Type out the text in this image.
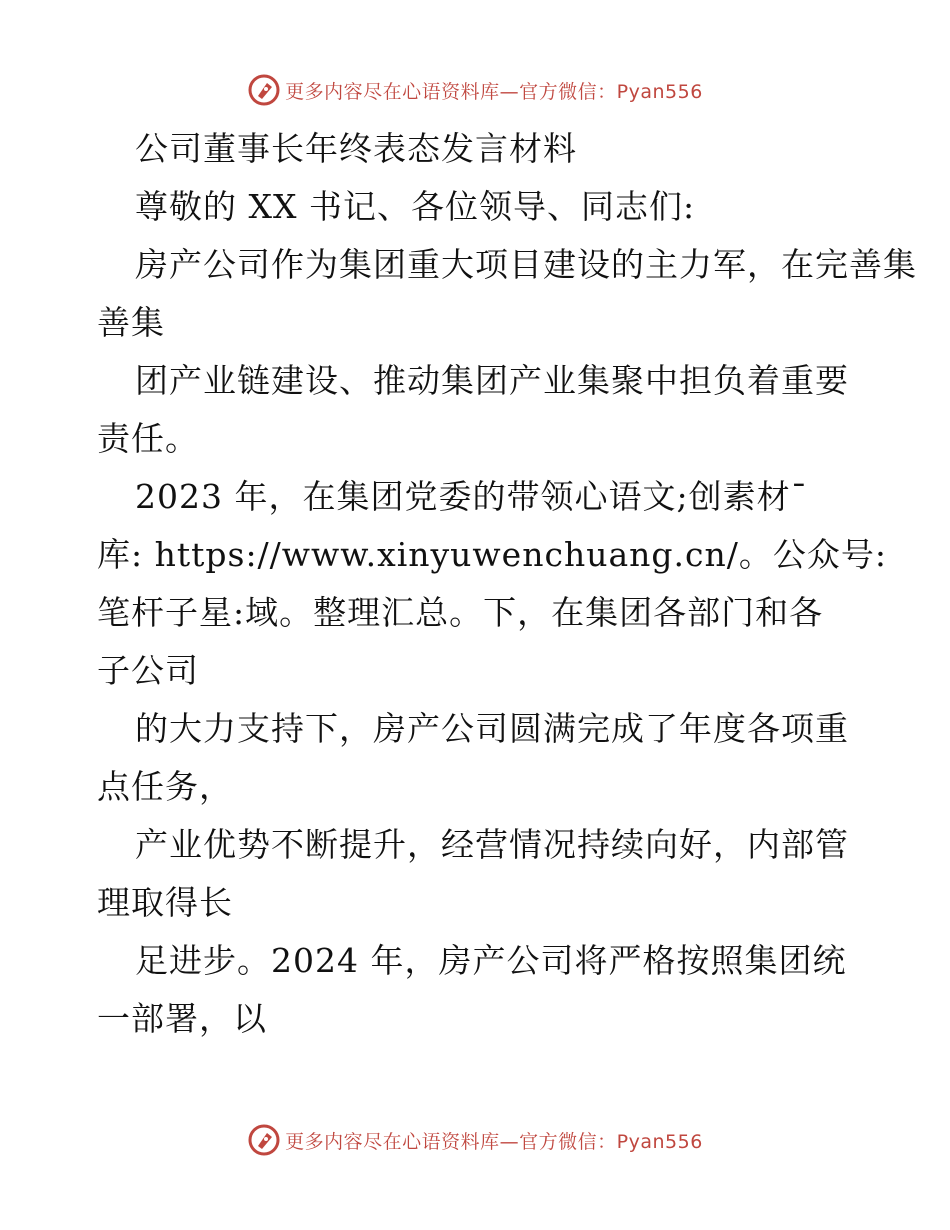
更多内容尽在心语资料库—官方微信：Pyan556
公司董事长年终表态发言材料
尊敬的 XX 书记、各位领导、同志们:
房产公司作为集团重大项目建设的主力军，在完善集
善集
团产业链建设、推动集团产业集聚中担负着重要
责任。
2023 年，在集团党委的带领心语文;创素材¯
库: https://www.xinyuwenchuang.cn/。公众号:
笔杆子星:域。整理汇总。下，在集团各部门和各
子公司
的大力支持下，房产公司圆满完成了年度各项重
点任务，
产业优势不断提升，经营情况持续向好，内部管
理取得长
足进步。2024 年，房产公司将严格按照集团统
一部署，以
更多内容尽在心语资料库—官方微信：Pyan556
